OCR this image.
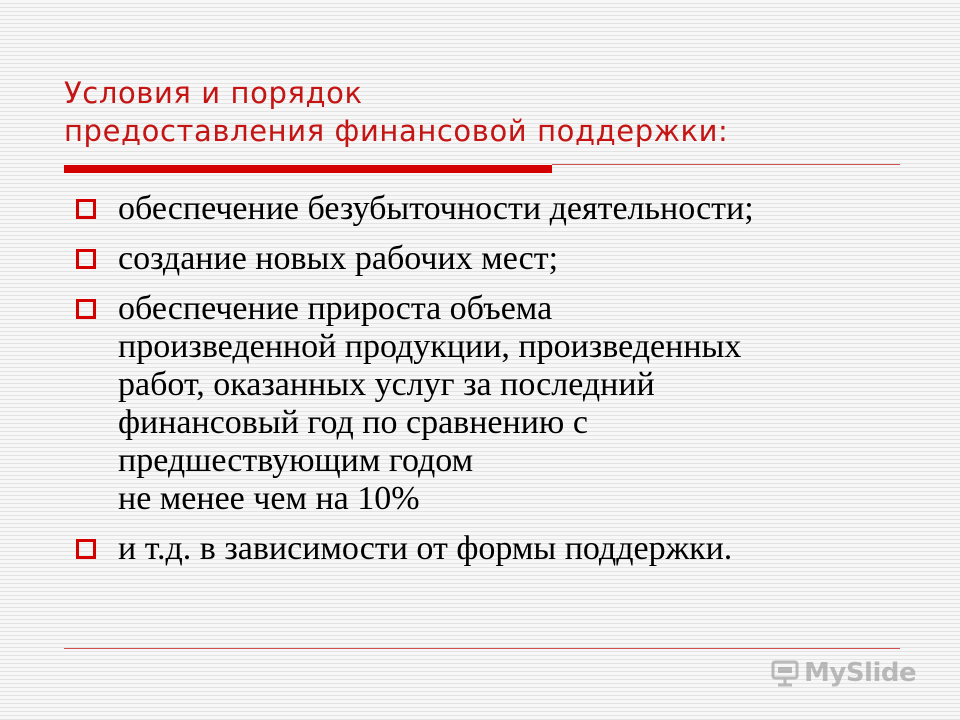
Условия и порядок
предоставления финансовой поддержки:
обеспечение безубыточности деятельности;
создание новых рабочих мест;
обеспечение прироста объема
произведенной продукции, произведенных
работ, оказанных услуг за последний
финансовый год по сравнению с
предшествующим годом
не менее чем на 10%
и т.д. в зависимости от формы поддержки.
MySlide
